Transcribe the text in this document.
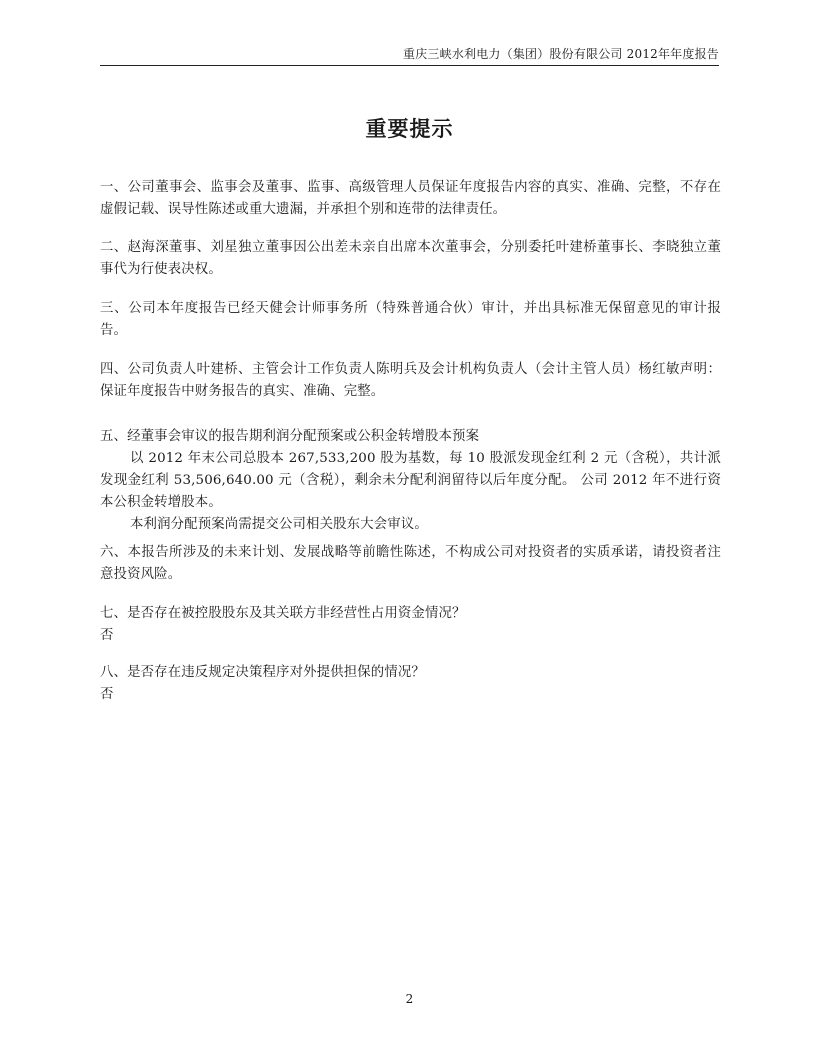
重庆三峡水利电力（集团）股份有限公司 2012年年度报告
重要提示

一、公司董事会、监事会及董事、监事、高级管理人员保证年度报告内容的真实、准确、完整，不存在虚假记载、误导性陈述或重大遗漏，并承担个别和连带的法律责任。

二、赵海深董事、刘星独立董事因公出差未亲自出席本次董事会，分别委托叶建桥董事长、李晓独立董事代为行使表决权。

三、公司本年度报告已经天健会计师事务所（特殊普通合伙）审计，并出具标准无保留意见的审计报告。

四、公司负责人叶建桥、主管会计工作负责人陈明兵及会计机构负责人（会计主管人员）杨红敏声明：保证年度报告中财务报告的真实、准确、完整。

五、经董事会审议的报告期利润分配预案或公积金转增股本预案

以 2012 年末公司总股本 267,533,200 股为基数，每 10 股派发现金红利 2 元（含税），共计派发现金红利 53,506,640.00 元（含税），剩余未分配利润留待以后年度分配。 公司 2012 年不进行资本公积金转增股本。

本利润分配预案尚需提交公司相关股东大会审议。

六、本报告所涉及的未来计划、发展战略等前瞻性陈述，不构成公司对投资者的实质承诺，请投资者注意投资风险。

七、是否存在被控股股东及其关联方非经营性占用资金情况？

否

八、是否存在违反规定决策程序对外提供担保的情况？

否

2
